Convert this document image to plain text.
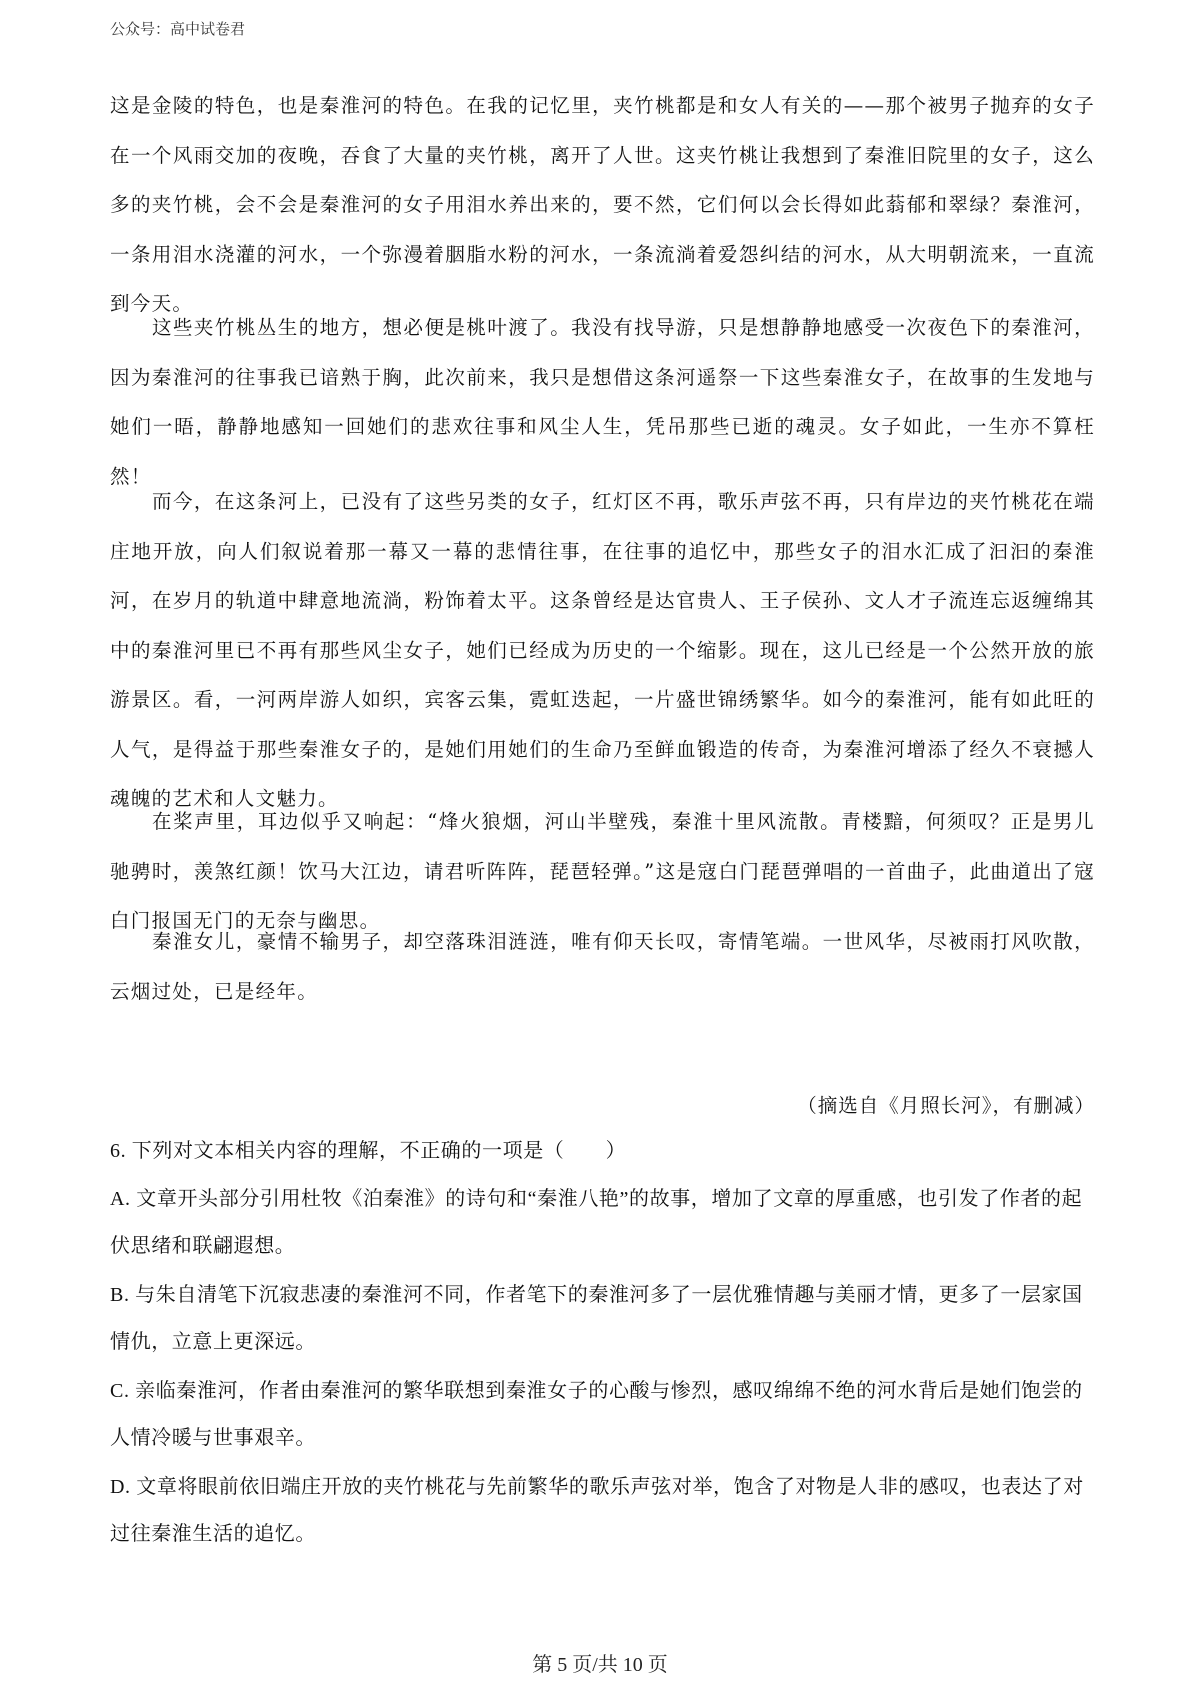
公众号：高中试卷君

这是金陵的特色，也是秦淮河的特色。在我的记忆里，夹竹桃都是和女人有关的——那个被男子抛弃的女子在一个风雨交加的夜晚，吞食了大量的夹竹桃，离开了人世。这夹竹桃让我想到了秦淮旧院里的女子，这么多的夹竹桃，会不会是秦淮河的女子用泪水养出来的，要不然，它们何以会长得如此蓊郁和翠绿？秦淮河，一条用泪水浇灌的河水，一个弥漫着胭脂水粉的河水，一条流淌着爱怨纠结的河水，从大明朝流来，一直流到今天。

这些夹竹桃丛生的地方，想必便是桃叶渡了。我没有找导游，只是想静静地感受一次夜色下的秦淮河，因为秦淮河的往事我已谙熟于胸，此次前来，我只是想借这条河遥祭一下这些秦淮女子，在故事的生发地与她们一晤，静静地感知一回她们的悲欢往事和风尘人生，凭吊那些已逝的魂灵。女子如此，一生亦不算枉然！

而今，在这条河上，已没有了这些另类的女子，红灯区不再，歌乐声弦不再，只有岸边的夹竹桃花在端庄地开放，向人们叙说着那一幕又一幕的悲情往事，在往事的追忆中，那些女子的泪水汇成了汩汩的秦淮河，在岁月的轨道中肆意地流淌，粉饰着太平。这条曾经是达官贵人、王子侯孙、文人才子流连忘返缠绵其中的秦淮河里已不再有那些风尘女子，她们已经成为历史的一个缩影。现在，这儿已经是一个公然开放的旅游景区。看，一河两岸游人如织，宾客云集，霓虹迭起，一片盛世锦绣繁华。如今的秦淮河，能有如此旺的人气，是得益于那些秦淮女子的，是她们用她们的生命乃至鲜血锻造的传奇，为秦淮河增添了经久不衰撼人魂魄的艺术和人文魅力。

在桨声里，耳边似乎又响起：“烽火狼烟，河山半壁残，秦淮十里风流散。青楼黯，何须叹？正是男儿驰骋时，羡煞红颜！饮马大江边，请君听阵阵，琵琶轻弹。”这是寇白门琵琶弹唱的一首曲子，此曲道出了寇白门报国无门的无奈与幽思。

秦淮女儿，豪情不输男子，却空落珠泪涟涟，唯有仰天长叹，寄情笔端。一世风华，尽被雨打风吹散，云烟过处，已是经年。

（摘选自《月照长河》，有删减）

6. 下列对文本相关内容的理解，不正确的一项是（　　）

A. 文章开头部分引用杜牧《泊秦淮》的诗句和“秦淮八艳”的故事，增加了文章的厚重感，也引发了作者的起伏思绪和联翩遐想。

B. 与朱自清笔下沉寂悲凄的秦淮河不同，作者笔下的秦淮河多了一层优雅情趣与美丽才情，更多了一层家国情仇，立意上更深远。

C. 亲临秦淮河，作者由秦淮河的繁华联想到秦淮女子的心酸与惨烈，感叹绵绵不绝的河水背后是她们饱尝的人情冷暖与世事艰辛。

D. 文章将眼前依旧端庄开放的夹竹桃花与先前繁华的歌乐声弦对举，饱含了对物是人非的感叹，也表达了对过往秦淮生活的追忆。

第 5 页/共 10 页
